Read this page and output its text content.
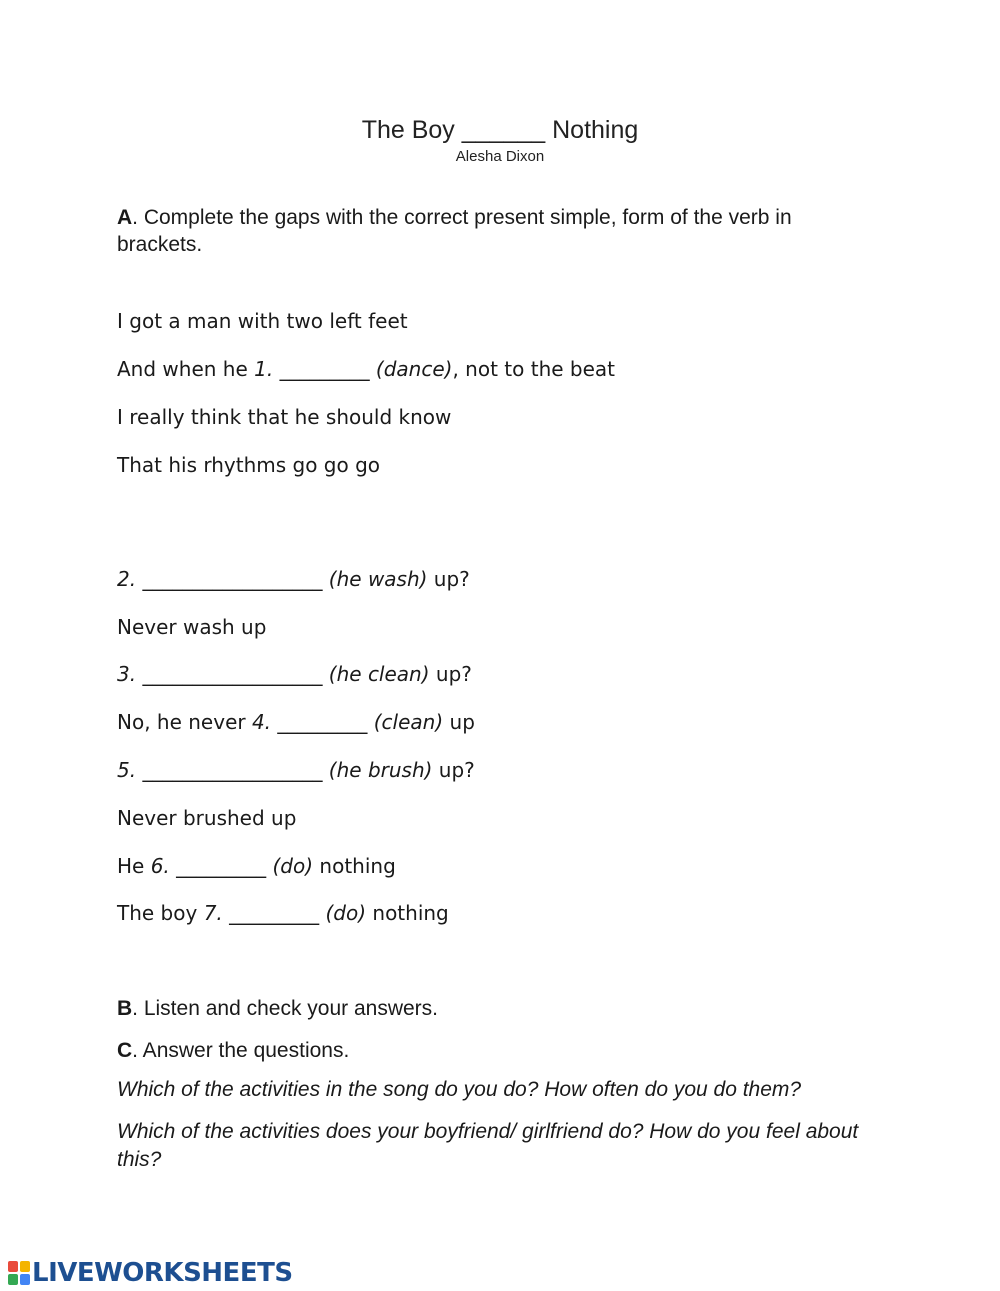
The Boy ______ Nothing
Alesha Dixon
A. Complete the gaps with the correct present simple, form of the verb in brackets.
I got a man with two left feet
And when he 1. _________ (dance), not to the beat
I really think that he should know
That his rhythms go go go
2. __________________ (he wash) up?
Never wash up
3. __________________ (he clean) up?
No, he never 4. _________ (clean) up
5. __________________ (he brush) up?
Never brushed up
He 6. _________ (do) nothing
The boy 7. _________ (do) nothing
B. Listen and check your answers.
C. Answer the questions.
Which of the activities in the song do you do? How often do you do them?
Which of the activities does your boyfriend/ girlfriend do? How do you feel about this?
LIVEWORKSHEETS
